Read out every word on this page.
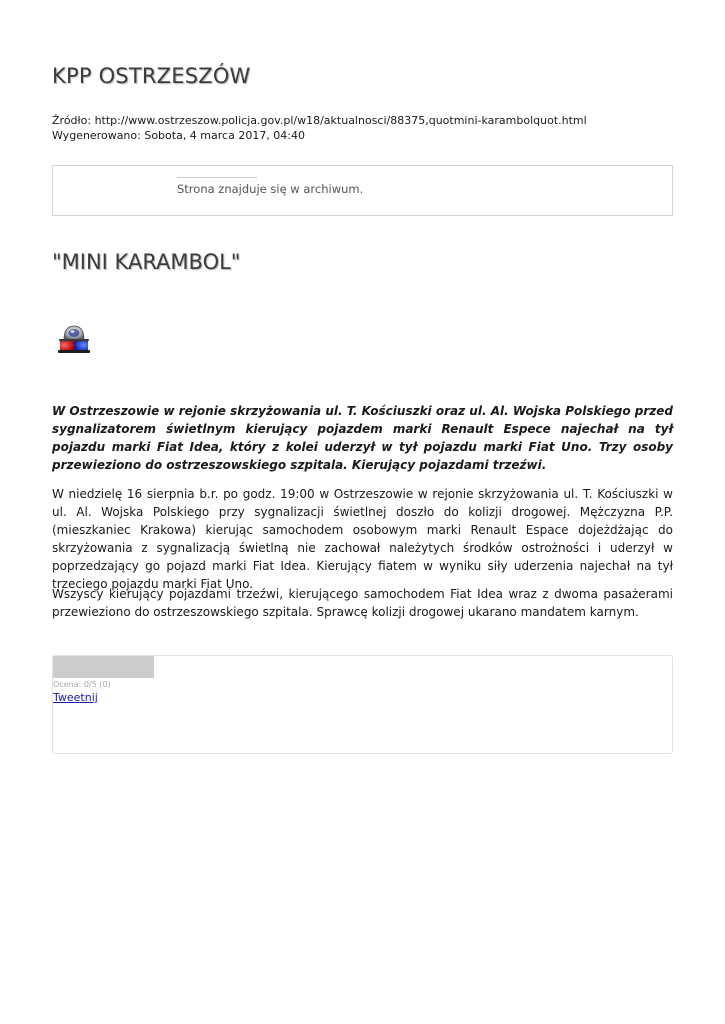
KPP OSTRZESZÓW
Źródło: http://www.ostrzeszow.policja.gov.pl/w18/aktualnosci/88375,quotmini-karambolquot.html
Wygenerowano: Sobota, 4 marca 2017, 04:40
Strona znajduje się w archiwum.
"MINI KARAMBOL"

W Ostrzeszowie w rejonie skrzyżowania ul. T. Kościuszki oraz ul. Al. Wojska Polskiego przed sygnalizatorem świetlnym kierujący pojazdem marki Renault Espece najechał na tył pojazdu marki Fiat Idea, który z kolei uderzył w tył pojazdu marki Fiat Uno. Trzy osoby przewieziono do ostrzeszowskiego szpitala. Kierujący pojazdami trzeźwi.

W niedzielę 16 sierpnia b.r. po godz. 19:00 w Ostrzeszowie w rejonie skrzyżowania ul. T. Kościuszki w ul. Al. Wojska Polskiego przy sygnalizacji świetlnej doszło do kolizji drogowej. Mężczyzna P.P. (mieszkaniec Krakowa) kierując samochodem osobowym marki Renault Espace dojeżdżając do skrzyżowania z sygnalizacją świetlną nie zachował należytych środków ostrożności i uderzył w poprzedzający go pojazd marki Fiat Idea. Kierujący fiatem w wyniku siły uderzenia najechał na tył trzeciego pojazdu marki Fiat Uno.

Wszyscy kierujący pojazdami trzeźwi, kierującego samochodem Fiat Idea wraz z dwoma pasażerami przewieziono do ostrzeszowskiego szpitala. Sprawcę kolizji drogowej ukarano mandatem karnym.

Ocena: 0/5 (0)
Tweetnij
